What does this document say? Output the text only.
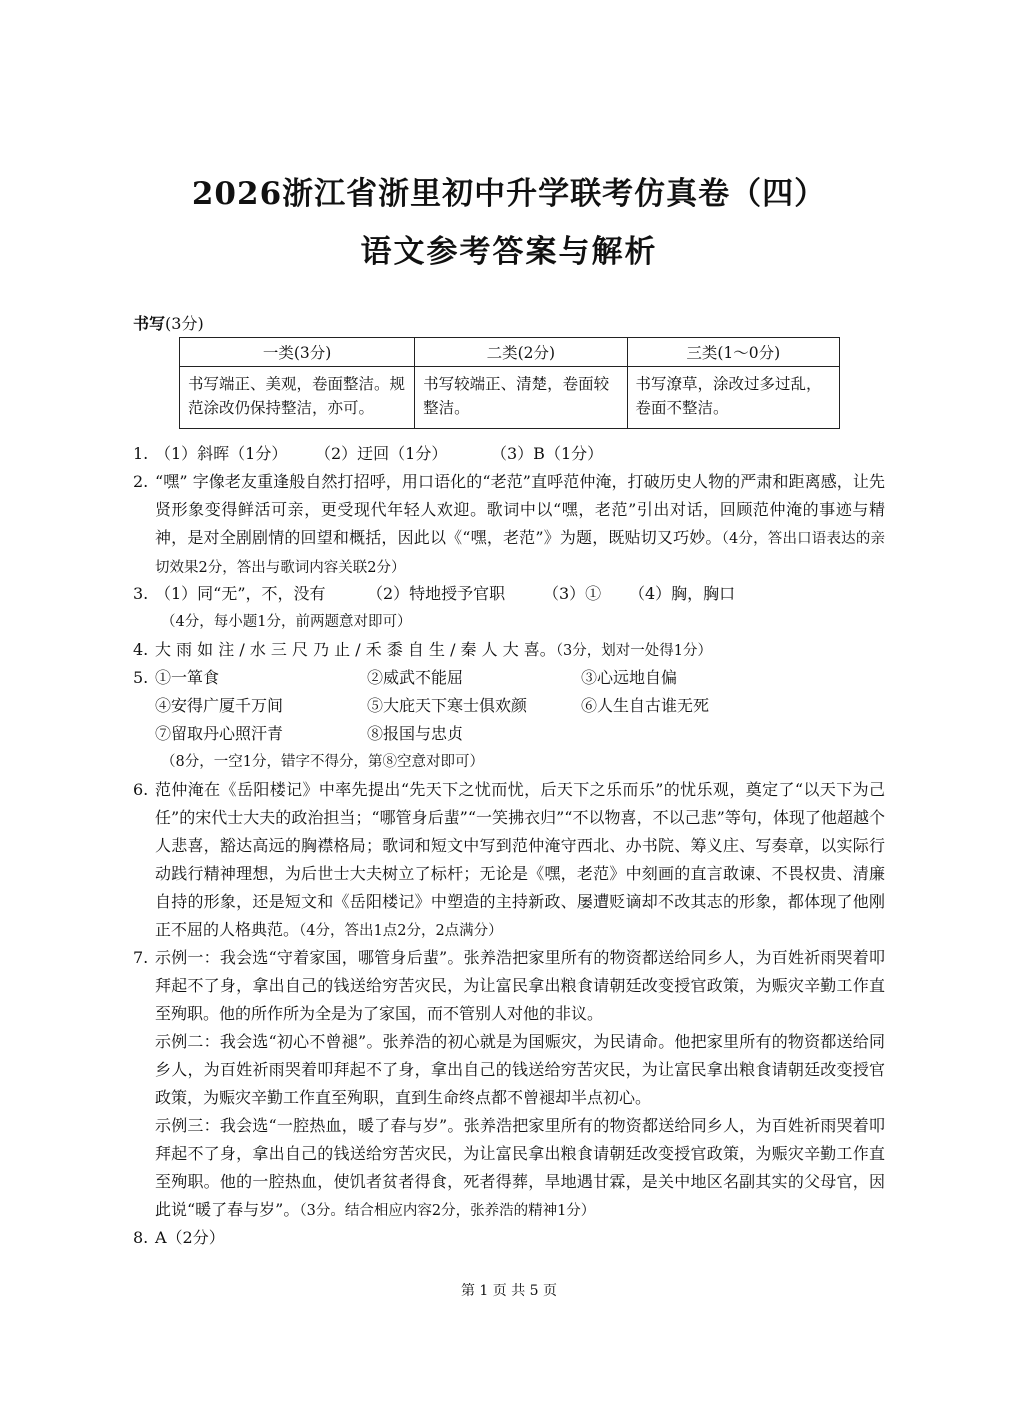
2026浙江省浙里初中升学联考仿真卷（四）
语文参考答案与解析
书写(3分)
一类(3分)	二类(2分)	三类(1～0分)
书写端正、美观，卷面整洁。规范涂改仍保持整洁，亦可。	书写较端正、清楚，卷面较整洁。	书写潦草，涂改过多过乱，卷面不整洁。
1. （1）斜晖（1分）	（2）迂回（1分）	（3）B（1分）
2. “嘿” 字像老友重逢般自然打招呼，用口语化的“老范”直呼范仲淹，打破历史人物的严肃和距离感，让先贤形象变得鲜活可亲，更受现代年轻人欢迎。歌词中以“嘿，老范”引出对话，回顾范仲淹的事迹与精神，是对全剧剧情的回望和概括，因此以《“嘿，老范”》为题，既贴切又巧妙。（4分，答出口语表达的亲切效果2分，答出与歌词内容关联2分）
3. （1）同“无”，不，没有	（2）特地授予官职	（3）①	（4）胸，胸口
（4分，每小题1分，前两题意对即可）
4. 大 雨 如 注 / 水 三 尺 乃 止 / 禾 黍 自 生 / 秦 人 大 喜。（3分，划对一处得1分）
5. ①一箪食	②威武不能屈	③心远地自偏
④安得广厦千万间	⑤大庇天下寒士俱欢颜	⑥人生自古谁无死
⑦留取丹心照汗青	⑧报国与忠贞
（8分，一空1分，错字不得分，第⑧空意对即可）
6. 范仲淹在《岳阳楼记》中率先提出“先天下之忧而忧，后天下之乐而乐”的忧乐观，奠定了“以天下为己任”的宋代士大夫的政治担当；“哪管身后蜚”“一笑拂衣归”“不以物喜，不以己悲”等句，体现了他超越个人悲喜，豁达高远的胸襟格局；歌词和短文中写到范仲淹守西北、办书院、筹义庄、写奏章，以实际行动践行精神理想，为后世士大夫树立了标杆；无论是《嘿，老范》中刻画的直言敢谏、不畏权贵、清廉自持的形象，还是短文和《岳阳楼记》中塑造的主持新政、屡遭贬谪却不改其志的形象，都体现了他刚正不屈的人格典范。（4分，答出1点2分，2点满分）
7. 示例一：我会选“守着家国，哪管身后蜚”。张养浩把家里所有的物资都送给同乡人，为百姓祈雨哭着叩拜起不了身，拿出自己的钱送给穷苦灾民，为让富民拿出粮食请朝廷改变授官政策，为赈灾辛勤工作直至殉职。他的所作所为全是为了家国，而不管别人对他的非议。
示例二：我会选“初心不曾褪”。张养浩的初心就是为国赈灾，为民请命。他把家里所有的物资都送给同乡人，为百姓祈雨哭着叩拜起不了身，拿出自己的钱送给穷苦灾民，为让富民拿出粮食请朝廷改变授官政策，为赈灾辛勤工作直至殉职，直到生命终点都不曾褪却半点初心。
示例三：我会选“一腔热血，暖了春与岁”。张养浩把家里所有的物资都送给同乡人，为百姓祈雨哭着叩拜起不了身，拿出自己的钱送给穷苦灾民，为让富民拿出粮食请朝廷改变授官政策，为赈灾辛勤工作直至殉职。他的一腔热血，使饥者贫者得食，死者得葬，旱地遇甘霖，是关中地区名副其实的父母官，因此说“暖了春与岁”。（3分。结合相应内容2分，张养浩的精神1分）
8. A（2分）
第 1 页 共 5 页
